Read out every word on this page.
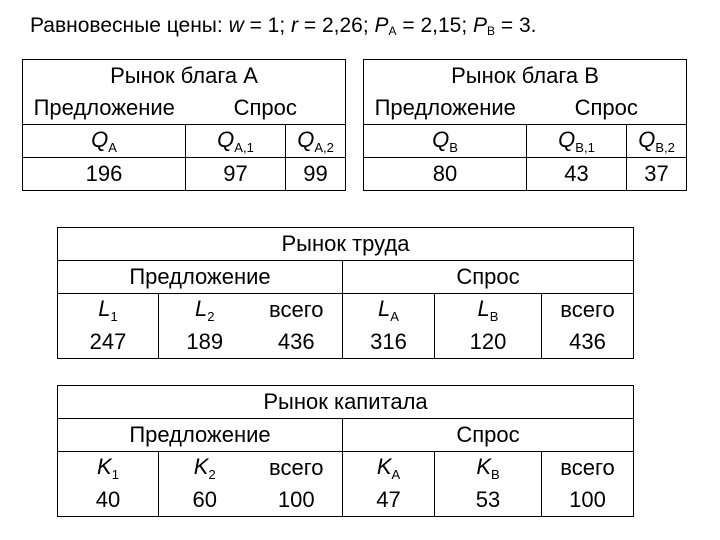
Равновесные цены: w = 1; r = 2,26; $P_A = 2,15$; $P_B = 3$.
Рынок блага A		
Предложение	Спрос	
$Q_A$	$Q_{A,1}$	$Q_{A,2}$
196	97	99
Рынок блага B		
Предложение	Спрос	
$Q_B$	$Q_{B,1}$	$Q_{B,2}$
80	43	37
Рынок труда					
Предложение			Спрос		
$L_1$	$L_2$	всего	$L_A$	$L_B$	всего
247	189	436	316	120	436
Рынок капитала					
Предложение			Спрос		
$K_1$	$K_2$	всего	$K_A$	$K_B$	всего
40	60	100	47	53	100
